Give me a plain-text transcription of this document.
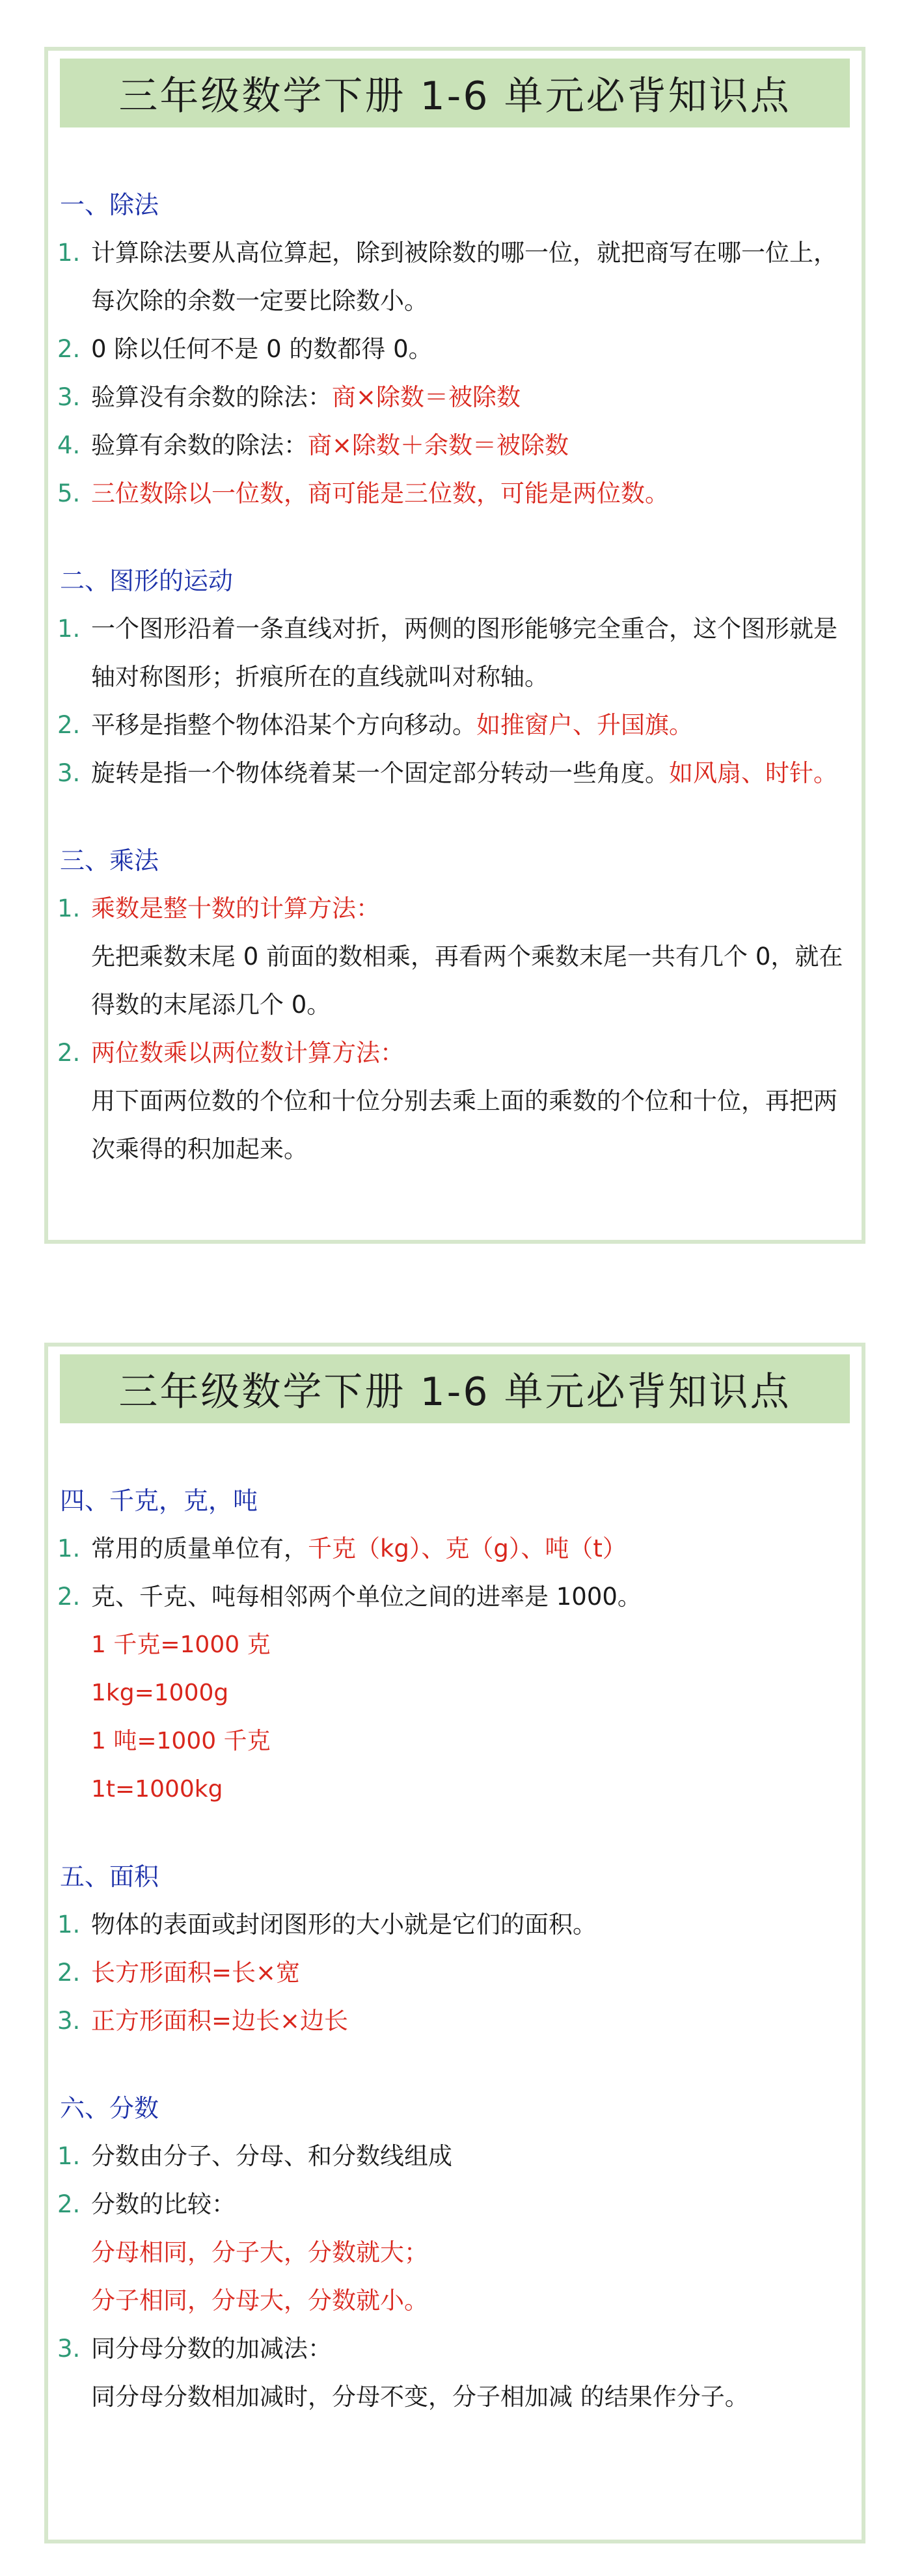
三年级数学下册 1-6 单元必背知识点
一、除法
1. 计算除法要从高位算起，除到被除数的哪一位，就把商写在哪一位上，每次除的余数一定要比除数小。
2. 0 除以任何不是 0 的数都得 0。
3. 验算没有余数的除法：商×除数＝被除数
4. 验算有余数的除法：商×除数＋余数＝被除数
5. 三位数除以一位数，商可能是三位数，可能是两位数。
二、图形的运动
1. 一个图形沿着一条直线对折，两侧的图形能够完全重合，这个图形就是轴对称图形；折痕所在的直线就叫对称轴。
2. 平移是指整个物体沿某个方向移动。如推窗户、升国旗。
3. 旋转是指一个物体绕着某一个固定部分转动一些角度。如风扇、时针。
三、乘法
1. 乘数是整十数的计算方法：
先把乘数末尾 0 前面的数相乘，再看两个乘数末尾一共有几个 0，就在得数的末尾添几个 0。
2. 两位数乘以两位数计算方法：
用下面两位数的个位和十位分别去乘上面的乘数的个位和十位，再把两次乘得的积加起来。
三年级数学下册 1-6 单元必背知识点
四、千克，克，吨
1. 常用的质量单位有，千克（kg）、克（g）、吨（t）
2. 克、千克、吨每相邻两个单位之间的进率是 1000。
1 千克=1000 克
1kg=1000g
1 吨=1000 千克
1t=1000kg
五、面积
1. 物体的表面或封闭图形的大小就是它们的面积。
2. 长方形面积=长×宽
3. 正方形面积=边长×边长
六、分数
1. 分数由分子、分母、和分数线组成
2. 分数的比较：
分母相同，分子大，分数就大；
分子相同，分母大，分数就小。
3. 同分母分数的加减法：
同分母分数相加减时，分母不变，分子相加减 的结果作分子。
